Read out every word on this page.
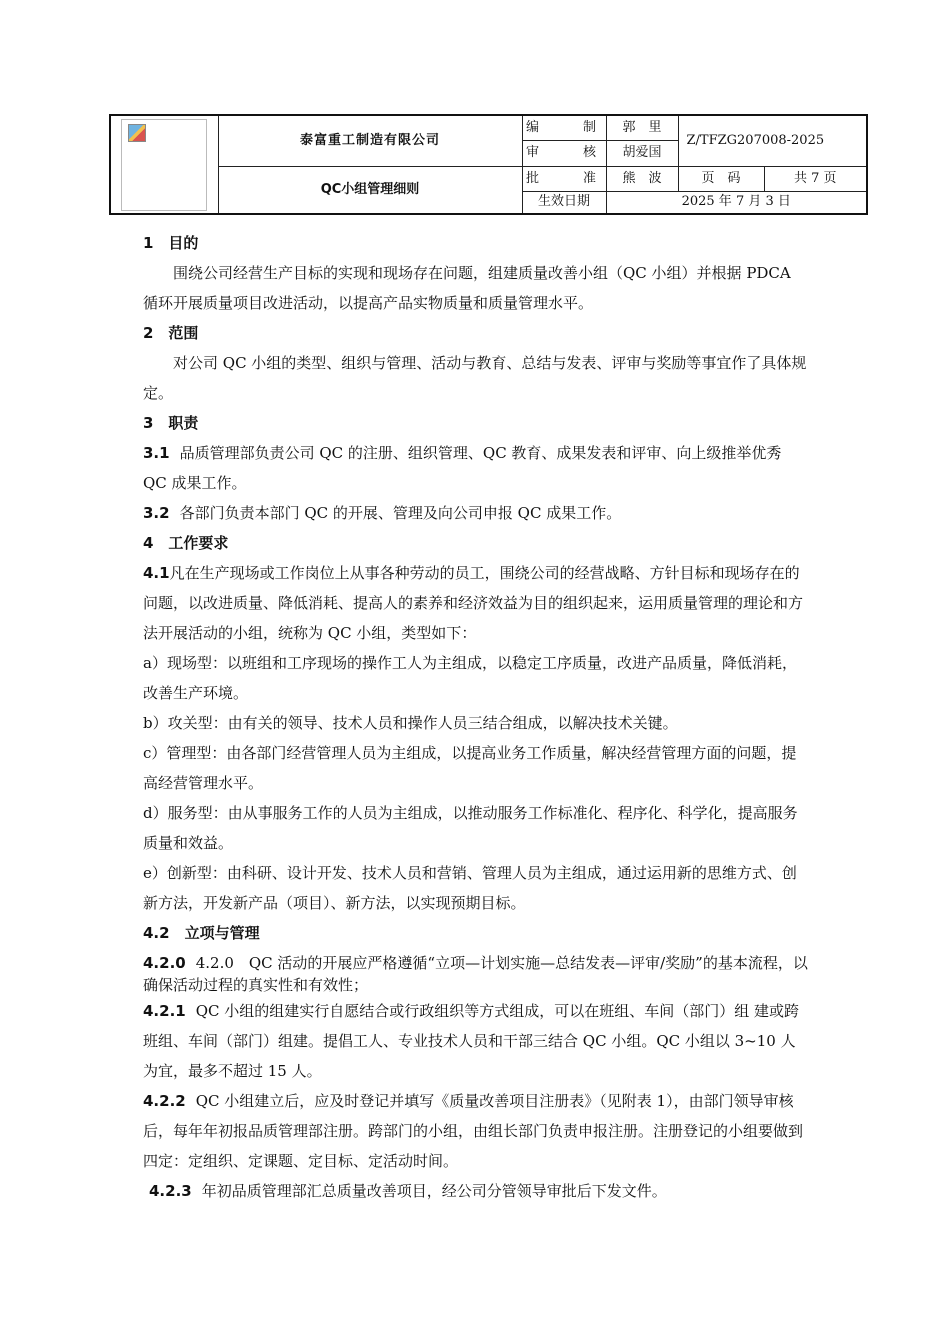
	泰富重工制造有限公司	编　　制	郭　里	Z/TFZG207008-2025	
		审　　核	胡爱国		
	QC小组管理细则	批　　准	熊　波	页　码	共 7 页
		生效日期	2025 年 7 月 3 日		

1　目的

围绕公司经营生产目标的实现和现场存在问题，组建质量改善小组（QC 小组）并根据 PDCA 循环开展质量项目改进活动，以提高产品实物质量和质量管理水平。

2　范围

对公司 QC 小组的类型、组织与管理、活动与教育、总结与发表、评审与奖励等事宜作了具体规定。

3　职责

3.1 品质管理部负责公司 QC 的注册、组织管理、QC 教育、成果发表和评审、向上级推举优秀 QC 成果工作。

3.2 各部门负责本部门 QC 的开展、管理及向公司申报 QC 成果工作。

4　工作要求

4.1凡在生产现场或工作岗位上从事各种劳动的员工，围绕公司的经营战略、方针目标和现场存在的问题，以改进质量、降低消耗、提高人的素养和经济效益为目的组织起来，运用质量管理的理论和方法开展活动的小组，统称为 QC 小组，类型如下：

a）现场型：以班组和工序现场的操作工人为主组成，以稳定工序质量，改进产品质量，降低消耗，改善生产环境。

b）攻关型：由有关的领导、技术人员和操作人员三结合组成，以解决技术关键。

c）管理型：由各部门经营管理人员为主组成，以提高业务工作质量，解决经营管理方面的问题，提高经营管理水平。

d）服务型：由从事服务工作的人员为主组成，以推动服务工作标准化、程序化、科学化，提高服务质量和效益。

e）创新型：由科研、设计开发、技术人员和营销、管理人员为主组成，通过运用新的思维方式、创新方法，开发新产品（项目）、新方法，以实现预期目标。

4.2　立项与管理

4.2.0 4.2.0　QC 活动的开展应严格遵循“立项—计划实施—总结发表—评审/奖励”的基本流程，以确保活动过程的真实性和有效性；

4.2.1 QC 小组的组建实行自愿结合或行政组织等方式组成，可以在班组、车间（部门）组 建或跨班组、车间（部门）组建。提倡工人、专业技术人员和干部三结合 QC 小组。QC 小组以 3~10 人为宜，最多不超过 15 人。

4.2.2 QC 小组建立后，应及时登记并填写《质量改善项目注册表》（见附表 1），由部门领导审核后，每年年初报品质管理部注册。跨部门的小组，由组长部门负责申报注册。注册登记的小组要做到四定：定组织、定课题、定目标、定活动时间。

4.2.3 年初品质管理部汇总质量改善项目，经公司分管领导审批后下发文件。
